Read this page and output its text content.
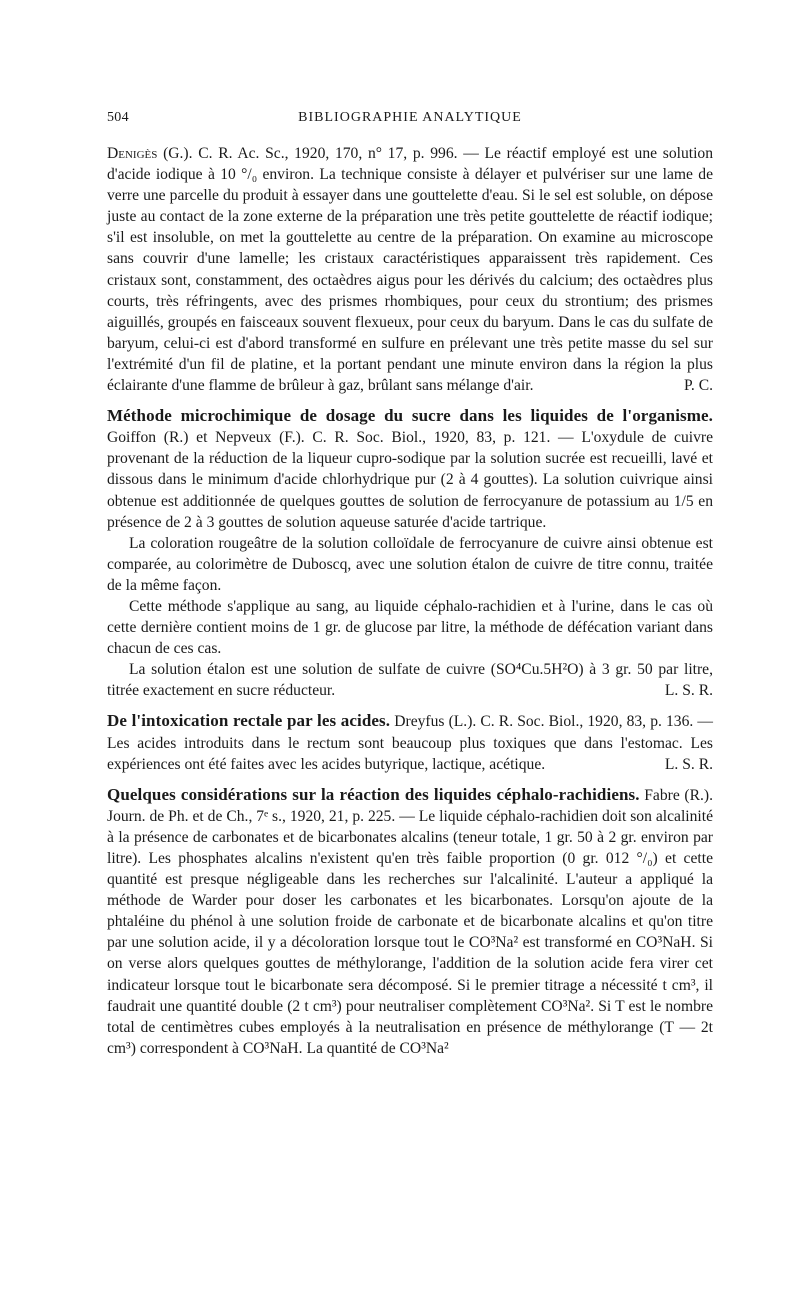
504	BIBLIOGRAPHIE ANALYTIQUE

Denigès (G.). C. R. Ac. Sc., 1920, 170, n° 17, p. 996. — Le réactif employé est une solution d'acide iodique à 10 °/₀ environ. La technique consiste à délayer et pulvériser sur une lame de verre une parcelle du produit à essayer dans une gouttelette d'eau. Si le sel est soluble, on dépose juste au contact de la zone externe de la préparation une très petite gouttelette de réactif iodique; s'il est insoluble, on met la gouttelette au centre de la préparation. On examine au microscope sans couvrir d'une lamelle; les cristaux caractéristiques apparaissent très rapidement. Ces cristaux sont, constamment, des octaèdres aigus pour les dérivés du calcium; des octaèdres plus courts, très réfringents, avec des prismes rhombiques, pour ceux du strontium; des prismes aiguillés, groupés en faisceaux souvent flexueux, pour ceux du baryum. Dans le cas du sulfate de baryum, celui-ci est d'abord transformé en sulfure en prélevant une très petite masse du sel sur l'extrémité d'un fil de platine, et la portant pendant une minute environ dans la région la plus éclairante d'une flamme de brûleur à gaz, brûlant sans mélange d'air.	P. C.

Méthode microchimique de dosage du sucre dans les liquides de l'organisme. Goiffon (R.) et Nepveux (F.). C. R. Soc. Biol., 1920, 83, p. 121. — L'oxydule de cuivre provenant de la réduction de la liqueur cupro-sodique par la solution sucrée est recueilli, lavé et dissous dans le minimum d'acide chlorhydrique pur (2 à 4 gouttes). La solution cuivrique ainsi obtenue est additionnée de quelques gouttes de solution de ferrocyanure de potassium au 1/5 en présence de 2 à 3 gouttes de solution aqueuse saturée d'acide tartrique.

La coloration rougeâtre de la solution colloïdale de ferrocyanure de cuivre ainsi obtenue est comparée, au colorimètre de Duboscq, avec une solution étalon de cuivre de titre connu, traitée de la même façon.

Cette méthode s'applique au sang, au liquide céphalo-rachidien et à l'urine, dans le cas où cette dernière contient moins de 1 gr. de glucose par litre, la méthode de défécation variant dans chacun de ces cas.

La solution étalon est une solution de sulfate de cuivre (SO⁴Cu.5H²O) à 3 gr. 50 par litre, titrée exactement en sucre réducteur.	L. S. R.

De l'intoxication rectale par les acides. Dreyfus (L.). C. R. Soc. Biol., 1920, 83, p. 136. — Les acides introduits dans le rectum sont beaucoup plus toxiques que dans l'estomac. Les expériences ont été faites avec les acides butyrique, lactique, acétique.	L. S. R.

Quelques considérations sur la réaction des liquides céphalo-rachidiens. Fabre (R.). Journ. de Ph. et de Ch., 7ᵉ s., 1920, 21, p. 225. — Le liquide céphalo-rachidien doit son alcalinité à la présence de carbonates et de bicarbonates alcalins (teneur totale, 1 gr. 50 à 2 gr. environ par litre). Les phosphates alcalins n'existent qu'en très faible proportion (0 gr. 012 °/₀) et cette quantité est presque négligeable dans les recherches sur l'alcalinité. L'auteur a appliqué la méthode de Warder pour doser les carbonates et les bicarbonates. Lorsqu'on ajoute de la phtaléine du phénol à une solution froide de carbonate et de bicarbonate alcalins et qu'on titre par une solution acide, il y a décoloration lorsque tout le CO³Na² est transformé en CO³NaH. Si on verse alors quelques gouttes de méthylorange, l'addition de la solution acide fera virer cet indicateur lorsque tout le bicarbonate sera décomposé. Si le premier titrage a nécessité t cm³, il faudrait une quantité double (2 t cm³) pour neutraliser complètement CO³Na². Si T est le nombre total de centimètres cubes employés à la neutralisation en présence de méthylorange (T — 2t cm³) correspondent à CO³NaH. La quantité de CO³Na²
